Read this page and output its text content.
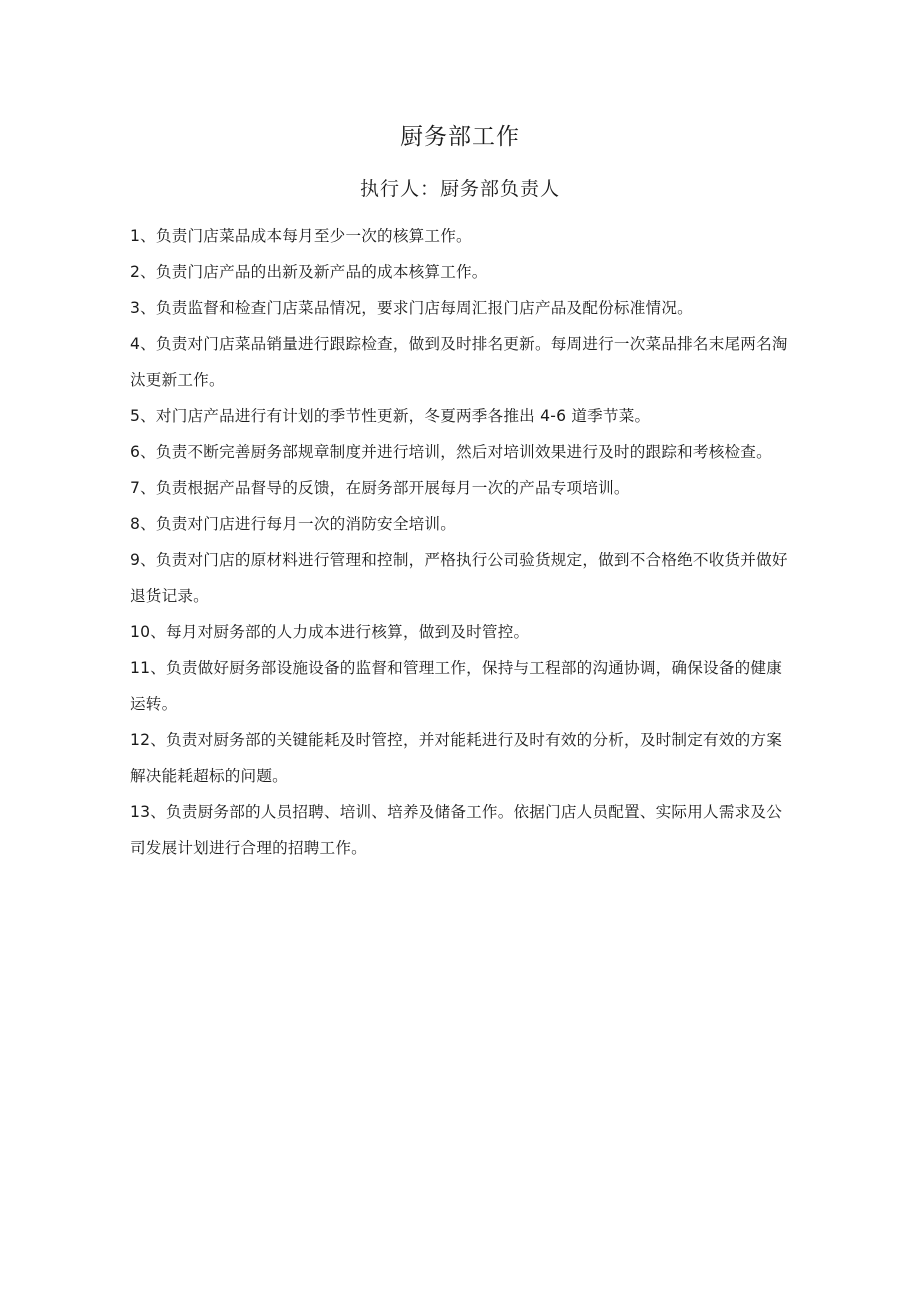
厨务部工作
执行人：厨务部负责人
1、负责门店菜品成本每月至少一次的核算工作。
2、负责门店产品的出新及新产品的成本核算工作。
3、负责监督和检查门店菜品情况，要求门店每周汇报门店产品及配份标准情况。
4、负责对门店菜品销量进行跟踪检查，做到及时排名更新。每周进行一次菜品排名末尾两名淘汰更新工作。
5、对门店产品进行有计划的季节性更新，冬夏两季各推出 4-6 道季节菜。
6、负责不断完善厨务部规章制度并进行培训，然后对培训效果进行及时的跟踪和考核检查。
7、负责根据产品督导的反馈，在厨务部开展每月一次的产品专项培训。
8、负责对门店进行每月一次的消防安全培训。
9、负责对门店的原材料进行管理和控制，严格执行公司验货规定，做到不合格绝不收货并做好退货记录。
10、每月对厨务部的人力成本进行核算，做到及时管控。
11、负责做好厨务部设施设备的监督和管理工作，保持与工程部的沟通协调，确保设备的健康运转。
12、负责对厨务部的关键能耗及时管控，并对能耗进行及时有效的分析，及时制定有效的方案解决能耗超标的问题。
13、负责厨务部的人员招聘、培训、培养及储备工作。依据门店人员配置、实际用人需求及公司发展计划进行合理的招聘工作。
